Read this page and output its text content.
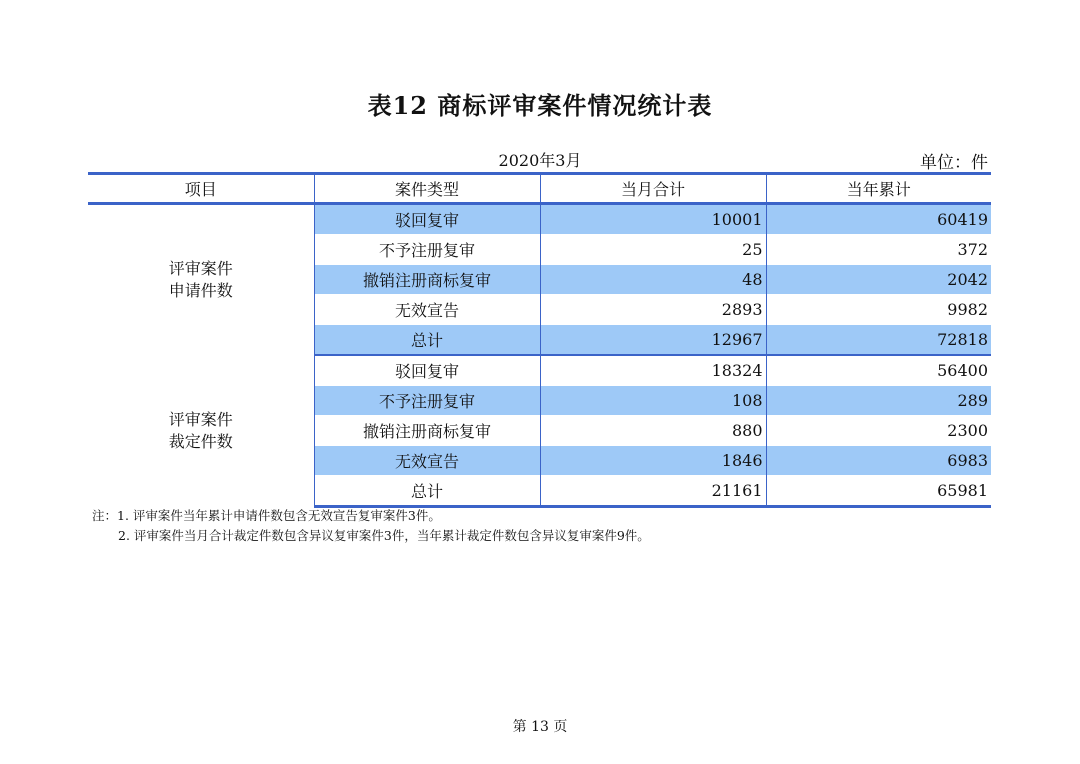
表12 商标评审案件情况统计表
2020年3月	单位：件
项目	案件类型	当月合计	当年累计
评审案件
申请件数	驳回复审	10001	60419
	不予注册复审	25	372
	撤销注册商标复审	48	2042
	无效宣告	2893	9982
	总计	12967	72818
评审案件
裁定件数	驳回复审	18324	56400
	不予注册复审	108	289
	撤销注册商标复审	880	2300
	无效宣告	1846	6983
	总计	21161	65981
注：1. 评审案件当年累计申请件数包含无效宣告复审案件3件。
2. 评审案件当月合计裁定件数包含异议复审案件3件，当年累计裁定件数包含异议复审案件9件。
第 13 页
